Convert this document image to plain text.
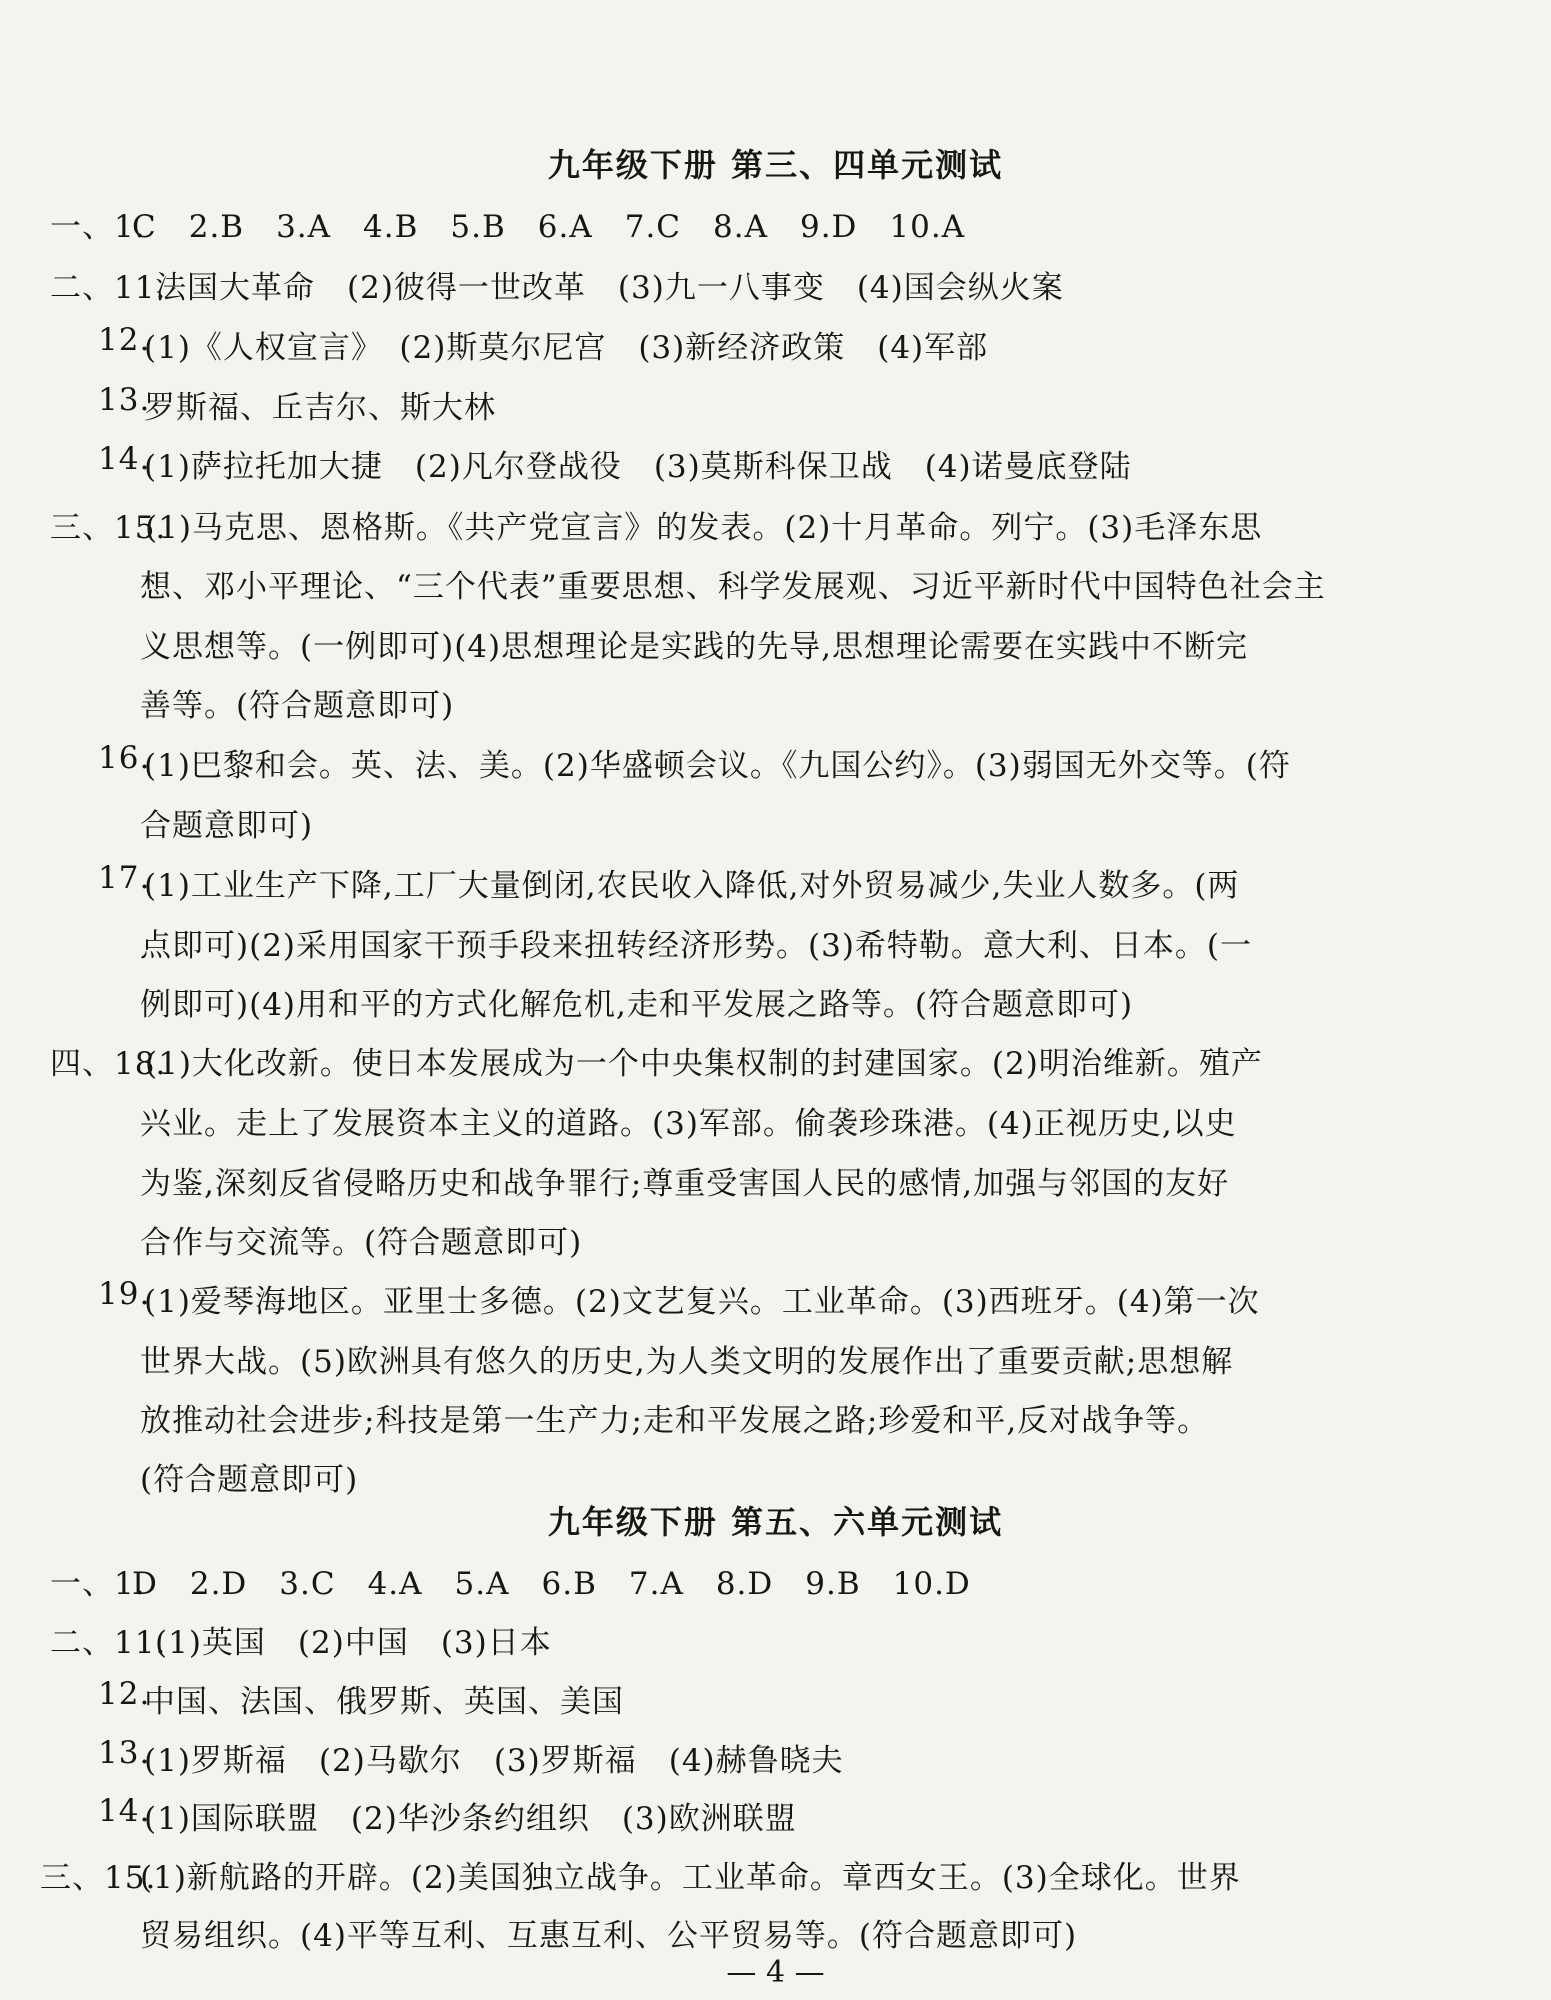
九年级下册 第三、四单元测试
一、1.
C　2.B　3.A　4.B　5.B　6.A　7.C　8.A　9.D　10.A
二、11.
法国大革命　(2)彼得一世改革　(3)九一八事变　(4)国会纵火案
12.
(1)《人权宣言》　(2)斯莫尔尼宫　(3)新经济政策　(4)军部
13.
罗斯福、丘吉尔、斯大林
14.
(1)萨拉托加大捷　(2)凡尔登战役　(3)莫斯科保卫战　(4)诺曼底登陆
三、15.
(1)马克思、恩格斯。《共产党宣言》的发表。(2)十月革命。列宁。(3)毛泽东思
想、邓小平理论、“三个代表”重要思想、科学发展观、习近平新时代中国特色社会主
义思想等。(一例即可)(4)思想理论是实践的先导,思想理论需要在实践中不断完
善等。(符合题意即可)
16.
(1)巴黎和会。英、法、美。(2)华盛顿会议。《九国公约》。(3)弱国无外交等。(符
合题意即可)
17.
(1)工业生产下降,工厂大量倒闭,农民收入降低,对外贸易减少,失业人数多。(两
点即可)(2)采用国家干预手段来扭转经济形势。(3)希特勒。意大利、日本。(一
例即可)(4)用和平的方式化解危机,走和平发展之路等。(符合题意即可)
四、18.
(1)大化改新。使日本发展成为一个中央集权制的封建国家。(2)明治维新。殖产
兴业。走上了发展资本主义的道路。(3)军部。偷袭珍珠港。(4)正视历史,以史
为鉴,深刻反省侵略历史和战争罪行;尊重受害国人民的感情,加强与邻国的友好
合作与交流等。(符合题意即可)
19.
(1)爱琴海地区。亚里士多德。(2)文艺复兴。工业革命。(3)西班牙。(4)第一次
世界大战。(5)欧洲具有悠久的历史,为人类文明的发展作出了重要贡献;思想解
放推动社会进步;科技是第一生产力;走和平发展之路;珍爱和平,反对战争等。
(符合题意即可)
九年级下册 第五、六单元测试
一、1.
D　2.D　3.C　4.A　5.A　6.B　7.A　8.D　9.B　10.D
二、11.
(1)英国　(2)中国　(3)日本
12.
中国、法国、俄罗斯、英国、美国
13.
(1)罗斯福　(2)马歇尔　(3)罗斯福　(4)赫鲁晓夫
14.
(1)国际联盟　(2)华沙条约组织　(3)欧洲联盟
三、15.
(1)新航路的开辟。(2)美国独立战争。工业革命。章西女王。(3)全球化。世界
贸易组织。(4)平等互利、互惠互利、公平贸易等。(符合题意即可)
— 4 —
